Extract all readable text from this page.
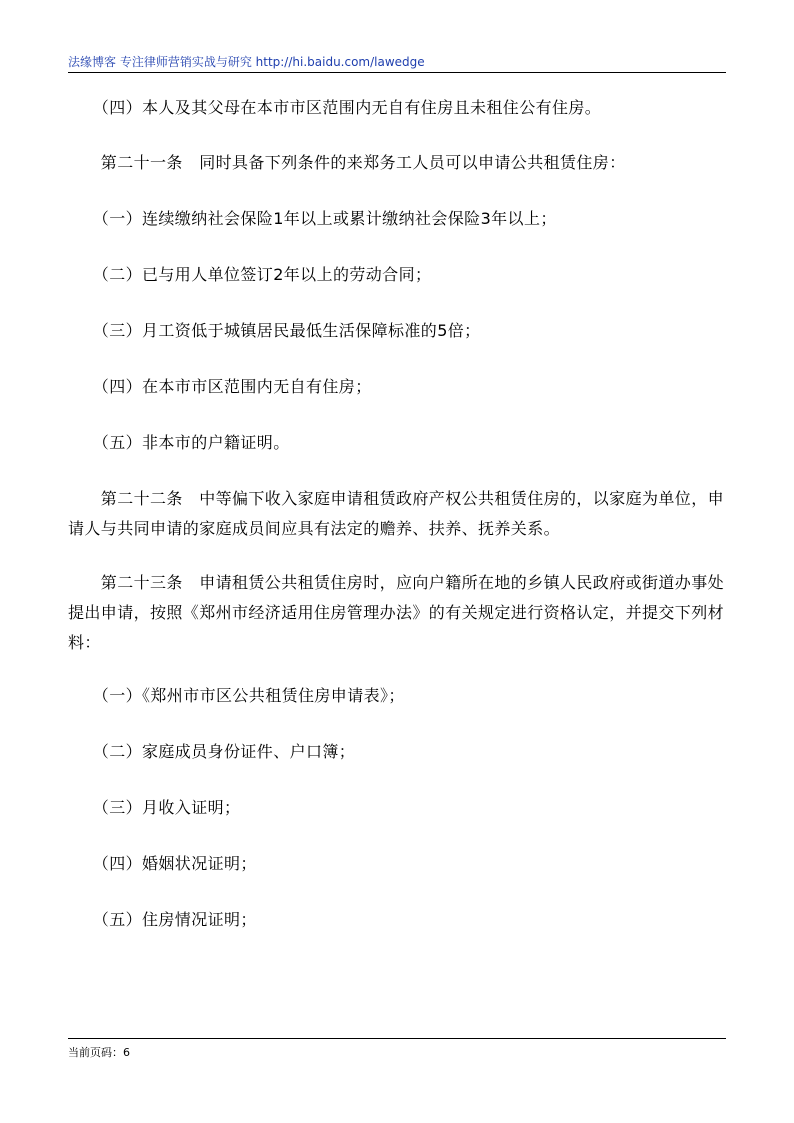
法缘博客 专注律师营销实战与研究 http://hi.baidu.com/lawedge

　　（四）本人及其父母在本市市区范围内无自有住房且未租住公有住房。

　　第二十一条　同时具备下列条件的来郑务工人员可以申请公共租赁住房：

　　（一）连续缴纳社会保险1年以上或累计缴纳社会保险3年以上；

　　（二）已与用人单位签订2年以上的劳动合同；

　　（三）月工资低于城镇居民最低生活保障标准的5倍；

　　（四）在本市市区范围内无自有住房；

　　（五）非本市的户籍证明。

　　第二十二条　中等偏下收入家庭申请租赁政府产权公共租赁住房的，以家庭为单位，申请人与共同申请的家庭成员间应具有法定的赡养、扶养、抚养关系。

　　第二十三条　申请租赁公共租赁住房时，应向户籍所在地的乡镇人民政府或街道办事处提出申请，按照《郑州市经济适用住房管理办法》的有关规定进行资格认定，并提交下列材料：

　　（一）《郑州市市区公共租赁住房申请表》；

　　（二）家庭成员身份证件、户口簿；

　　（三）月收入证明；

　　（四）婚姻状况证明；

　　（五）住房情况证明；

当前页码：6
